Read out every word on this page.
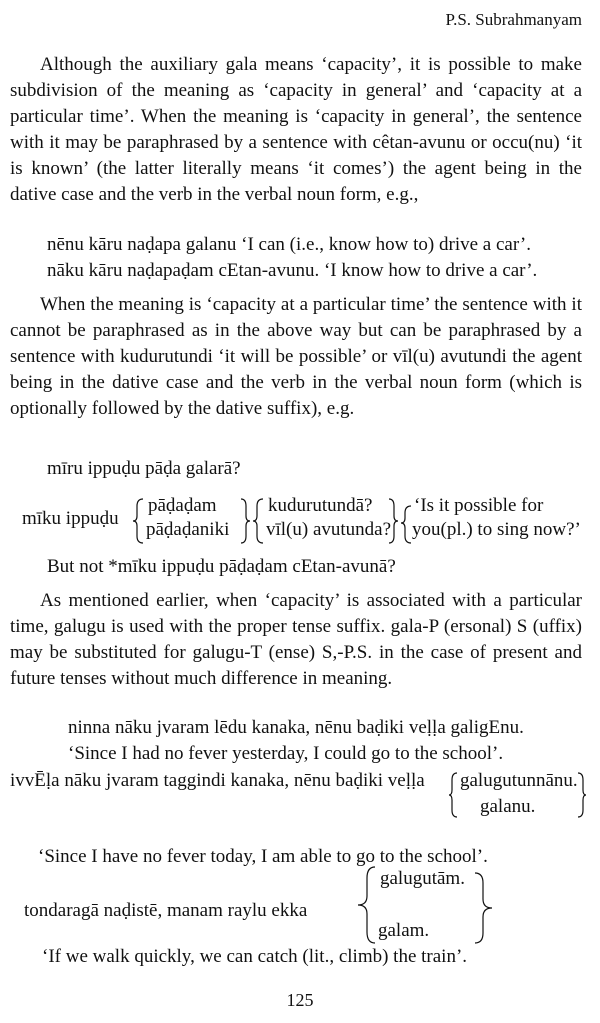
P.S. Subrahmanyam

Although the auxiliary gala means ‘capacity’, it is possible to make subdivision of the meaning as ‘capacity in general’ and ‘capacity at a particular time’. When the meaning is ‘capacity in general’, the sentence with it may be paraphrased by a sentence with cêtan-avunu or occu(nu) ‘it is known’ (the latter literally means ‘it comes’) the agent being in the dative case and the verb in the verbal noun form, e.g.,

nēnu kāru naḍapa galanu ‘I can (i.e., know how to) drive a car’.
nāku kāru naḍapaḍam cEtan-avunu. ‘I know how to drive a car’.

When the meaning is ‘capacity at a particular time’ the sentence with it cannot be paraphrased as in the above way but can be paraphrased by a sentence with kudurutundi ‘it will be possible’ or vīl(u) avutundi the agent being in the dative case and the verb in the verbal noun form (which is optionally followed by the dative suffix), e.g.

mīru ippuḍu pāḍa galarā?
mīku ippuḍu
pāḍaḍam
pāḍaḍaniki
kudurutundā?
vīl(u) avutunda?
‘Is it possible for
you(pl.) to sing now?’
But not *mīku ippuḍu pāḍaḍam cEtan-avunā?

As mentioned earlier, when ‘capacity’ is associated with a particular time, galugu is used with the proper tense suffix. gala-P (ersonal) S (uffix) may be substituted for galugu-T (ense) S,-P.S. in the case of present and future tenses without much difference in meaning.

ninna nāku jvaram lēdu kanaka, nēnu baḍiki veḷḷa galigEnu.
‘Since I had no fever yesterday, I could go to the school’.
ivvĒḷa nāku jvaram taggindi kanaka, nēnu baḍiki veḷḷa galugutunnānu.
galanu.
‘Since I have no fever today, I am able to go to the school’.
tondaragā naḍistē, manam raylu ekka
galugutām.
galam.
‘If we walk quickly, we can catch (lit., climb) the train’.
125
